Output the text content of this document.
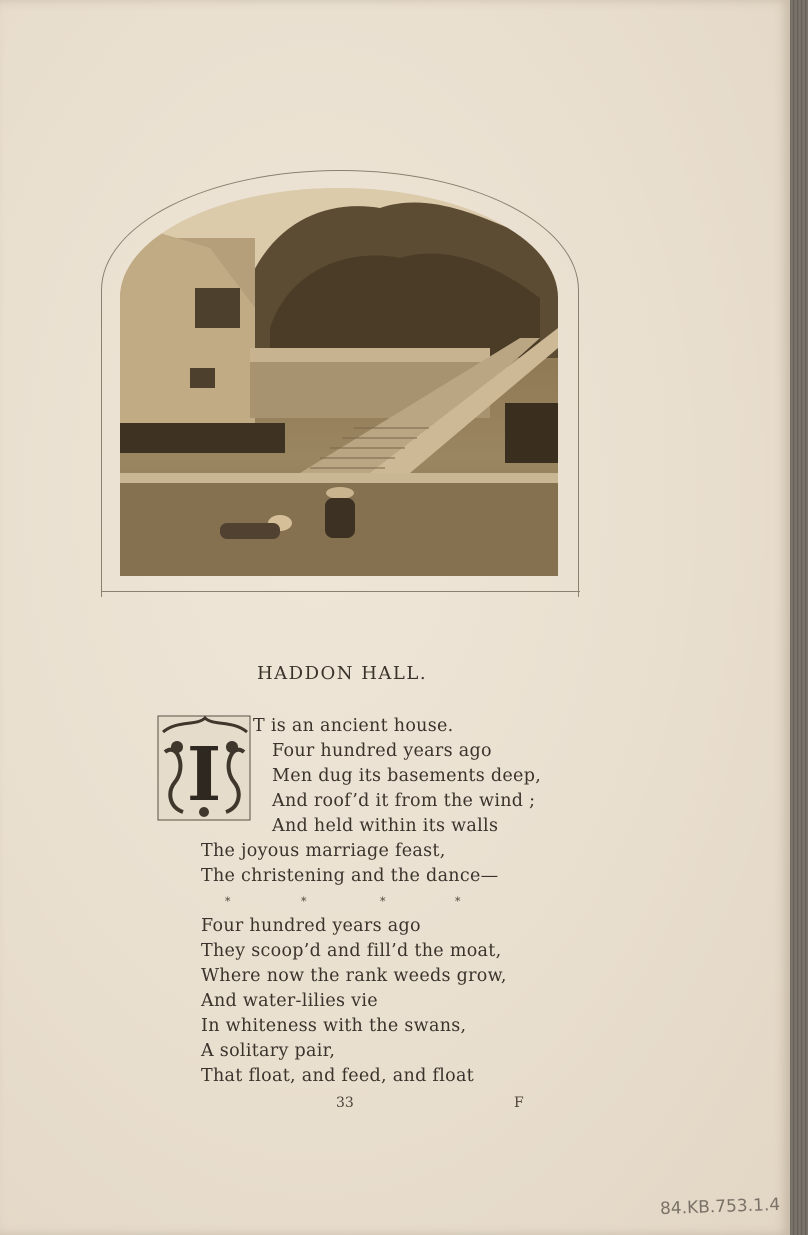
HADDON HALL.
I
T is an ancient house.
Four hundred years ago
Men dug its basements deep,
And roof’d it from the wind ;
And held within its walls
The joyous marriage feast,
The christening and the dance—
*	*	*	*
Four hundred years ago
They scoop’d and fill’d the moat,
Where now the rank weeds grow,
And water-lilies vie
In whiteness with the swans,
A solitary pair,
That float, and feed, and float
33	F
84.KB.753.1.4
